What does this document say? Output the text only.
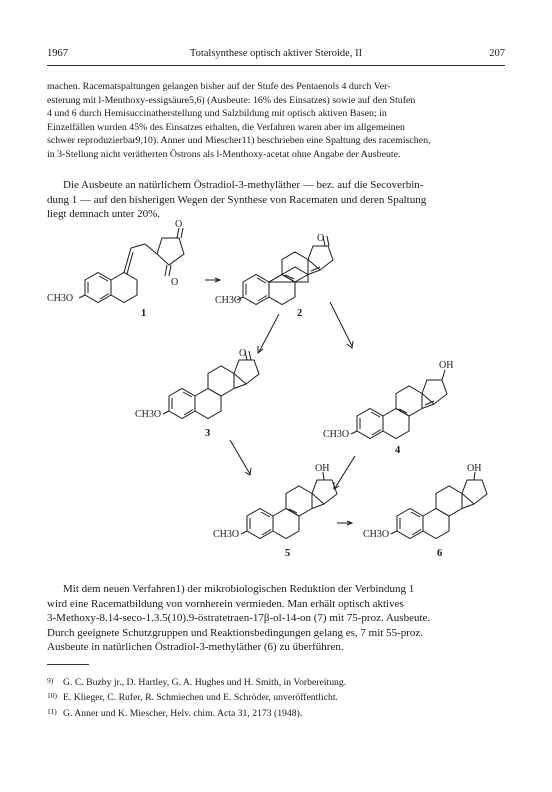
1967	Totalsynthese optisch aktiver Steroide, II	207
machen. Racematspaltungen gelangen bisher auf der Stufe des Pentaenols 4 durch Ver-
esterung mit l-Menthoxy-essigsäure5,6) (Ausbeute: 16% des Einsatzes) sowie auf den Stufen
4 und 6 durch Hemisuccinatherstellung und Salzbildung mit optisch aktiven Basen; in
Einzelfällen wurden 45% des Einsatzes erhalten, die Verfahren waren aber im allgemeinen
schwer reproduzierbar9,10). Anner und Miescher11) beschrieben eine Spaltung des racemischen,
in 3-Stellung nicht verätherten Östrons als l-Menthoxy-acetat ohne Angabe der Ausbeute.
Die Ausbeute an natürlichem Östradiol-3-methyläther — bez. auf die Secoverbin-
dung 1 — auf den bisherigen Wegen der Synthese von Racematen und deren Spaltung
liegt demnach unter 20%.
CH3O
O
O
CH3O
O
CH3O
O
CH3O
OH
CH3O
OH
CH3O
OH
1	2
3
4
5	6
Mit dem neuen Verfahren1) der mikrobiologischen Reduktion der Verbindung 1
wird eine Racematbildung von vornherein vermieden. Man erhält optisch aktives
3-Methoxy-8.14-seco-1.3.5(10).9-östratetraen-17β-ol-14-on (7) mit 75-proz. Ausbeute.
Durch geeignete Schutzgruppen und Reaktionsbedingungen gelang es, 7 mit 55-proz.
Ausbeute in natürlichen Östradiol-3-methyläther (6) zu überführen.
9) G. C. Buzby jr., D. Hartley, G. A. Hughes und H. Smith, in Vorbereitung.
10) E. Klieger, C. Rufer, R. Schmiechen und E. Schröder, unveröffentlicht.
11) G. Anner und K. Miescher, Helv. chim. Acta 31, 2173 (1948).
